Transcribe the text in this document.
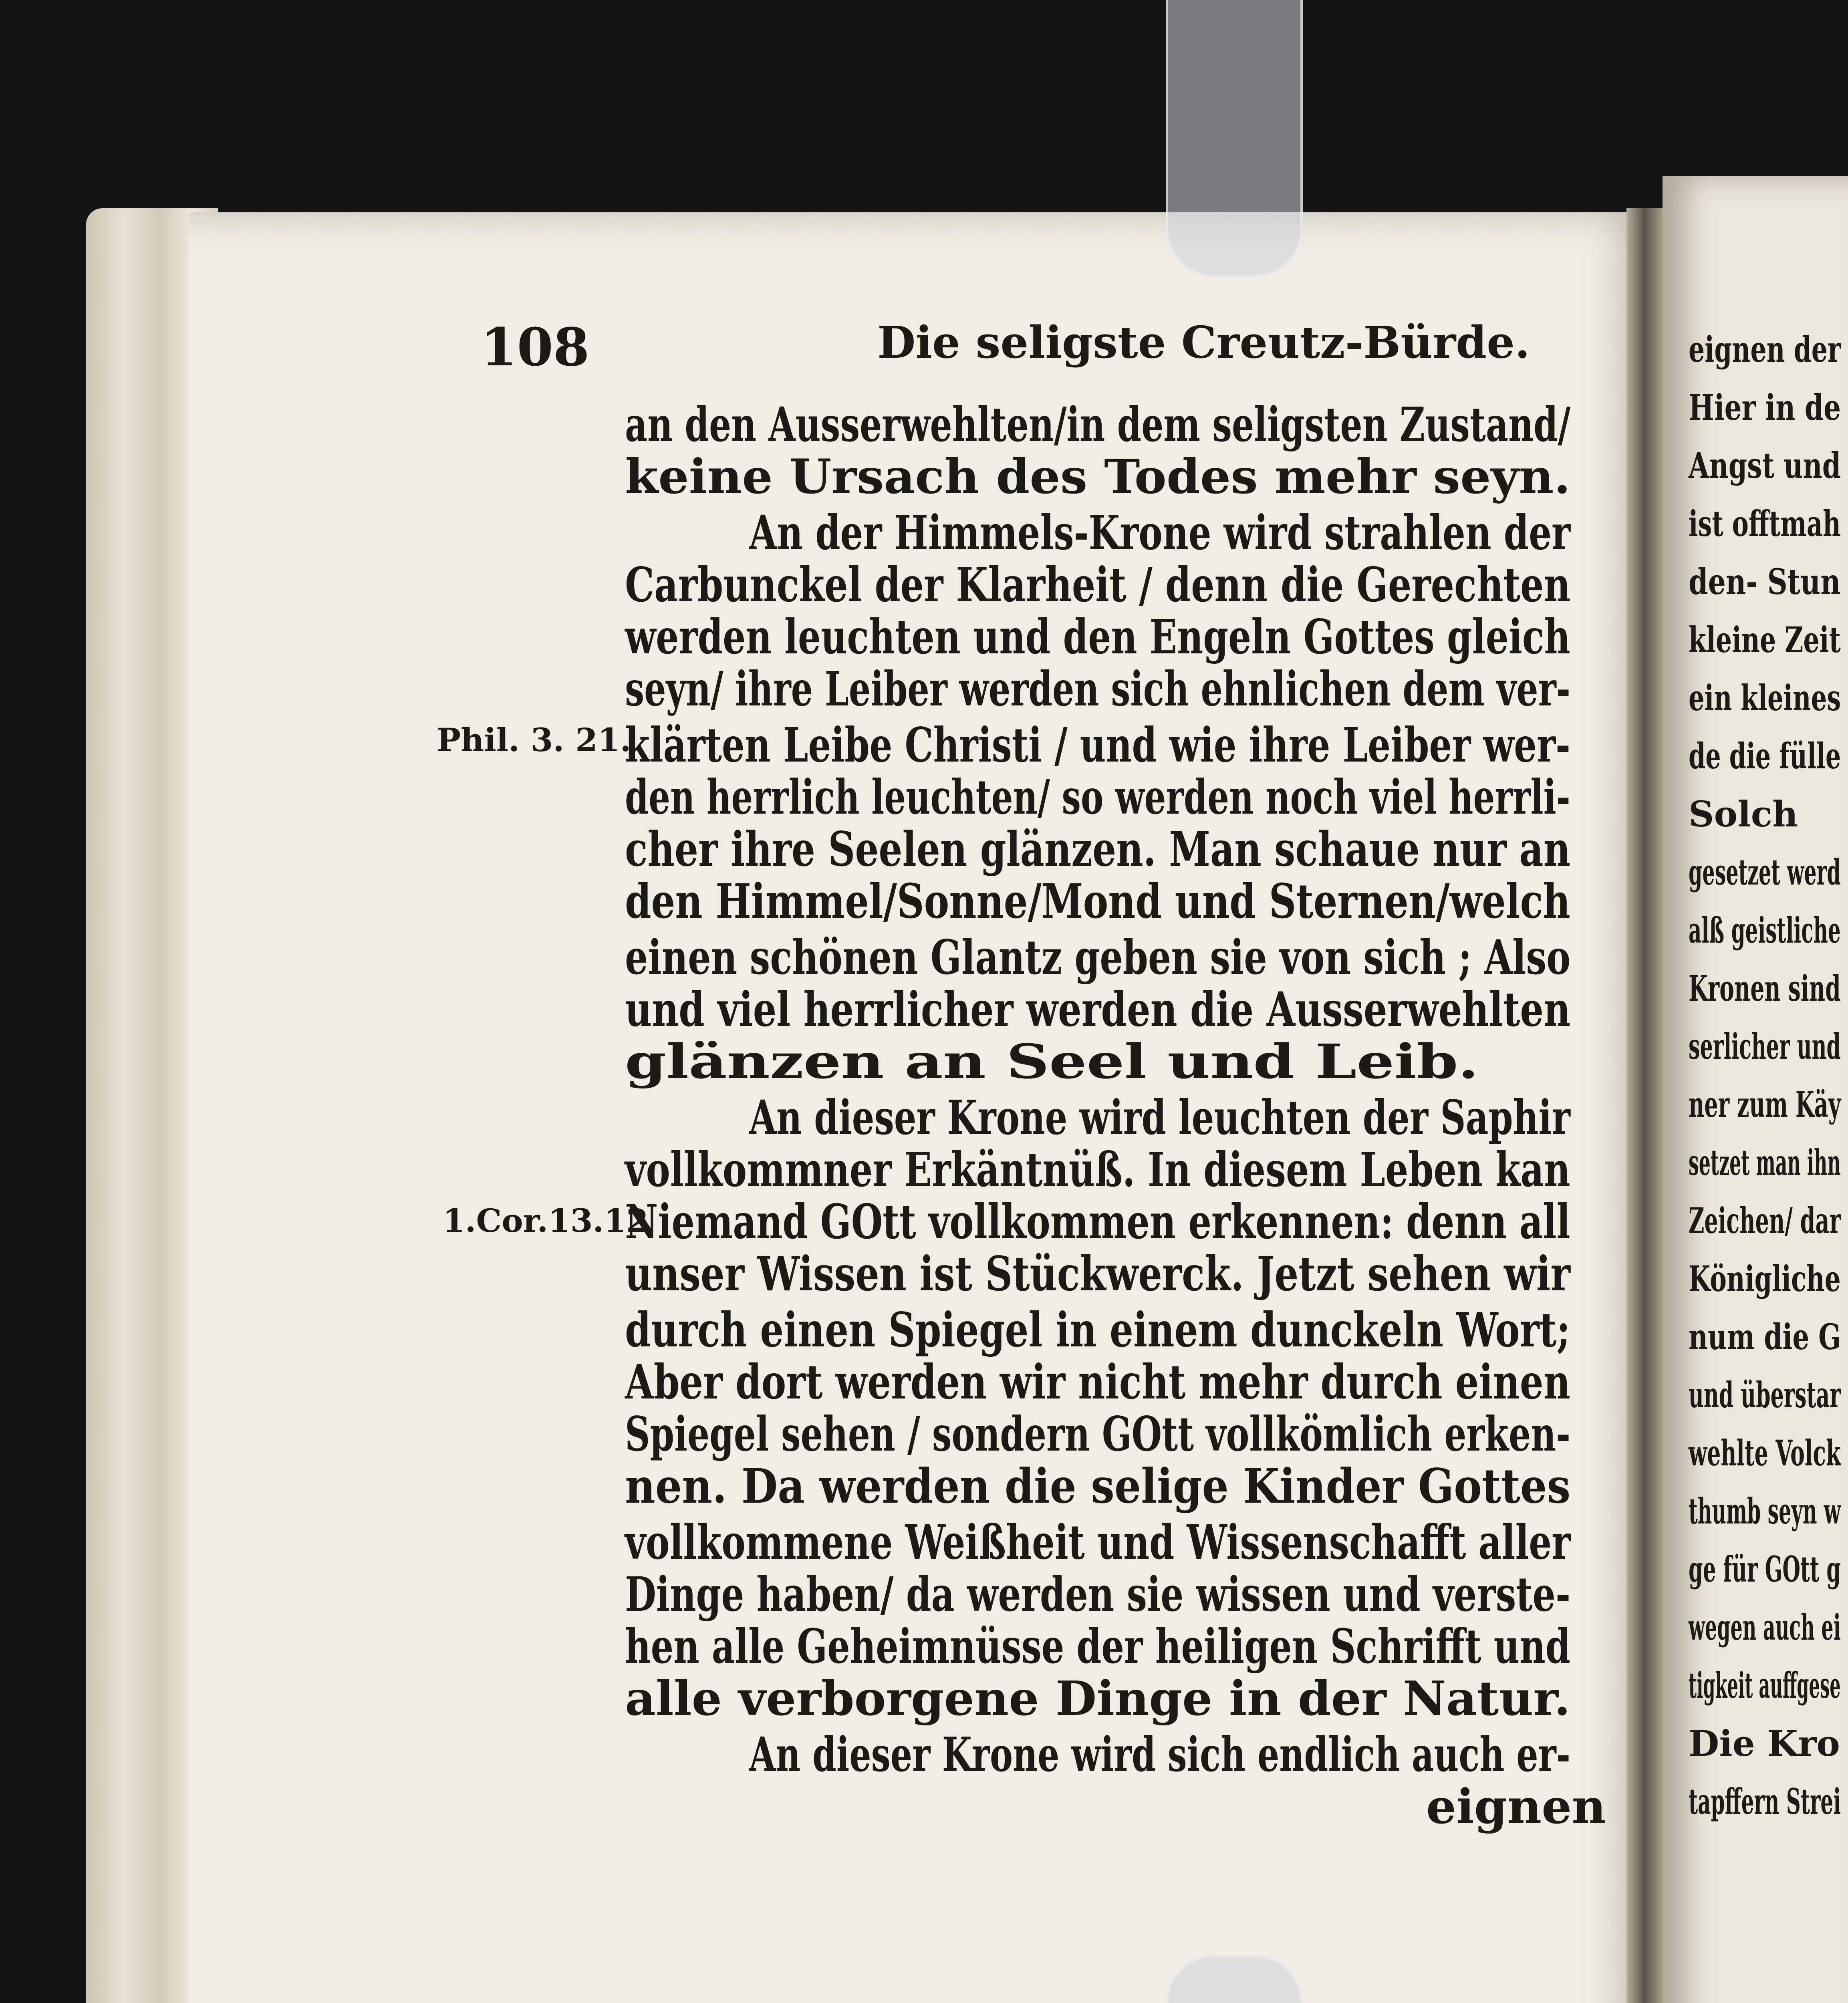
108	Die seligste Creutz-Bürde.
an den Ausserwehlten/in dem seligsten Zustand/
keine Ursach des Todes mehr seyn.
An der Himmels-Krone wird strahlen der
Carbunckel der Klarheit / denn die Gerechten
werden leuchten und den Engeln Gottes gleich
seyn/ ihre Leiber werden sich ehnlichen dem ver-
klärten Leibe Christi / und wie ihre Leiber wer-
den herrlich leuchten/ so werden noch viel herrli-
cher ihre Seelen glänzen. Man schaue nur an
den Himmel/Sonne/Mond und Sternen/welch
einen schönen Glantz geben sie von sich ; Also
und viel herrlicher werden die Ausserwehlten
glänzen an Seel und Leib.
An dieser Krone wird leuchten der Saphir
vollkommner Erkäntnüß. In diesem Leben kan
Niemand GOtt vollkommen erkennen: denn all
unser Wissen ist Stückwerck. Jetzt sehen wir
durch einen Spiegel in einem dunckeln Wort;
Aber dort werden wir nicht mehr durch einen
Spiegel sehen / sondern GOtt vollkömlich erken-
nen. Da werden die selige Kinder Gottes
vollkommene Weißheit und Wissenschafft aller
Dinge haben/ da werden sie wissen und verste-
hen alle Geheimnüsse der heiligen Schrifft und
alle verborgene Dinge in der Natur.
An dieser Krone wird sich endlich auch er-
eignen
Phil. 3. 21.
1.Cor.13.12
eignen der
Hier in de
Angst und
ist offtmah
den- Stun
kleine Zeit
ein kleines
de die fülle
Solch
gesetzet werd
alß geistliche
Kronen sind
serlicher und
ner zum Käy
setzet man ihn
Zeichen/ dar
Königliche
num die G
und überstar
wehlte Volck
thumb seyn w
ge für GOtt g
wegen auch ei
tigkeit auffgese
Die Kro
tapffern Strei
